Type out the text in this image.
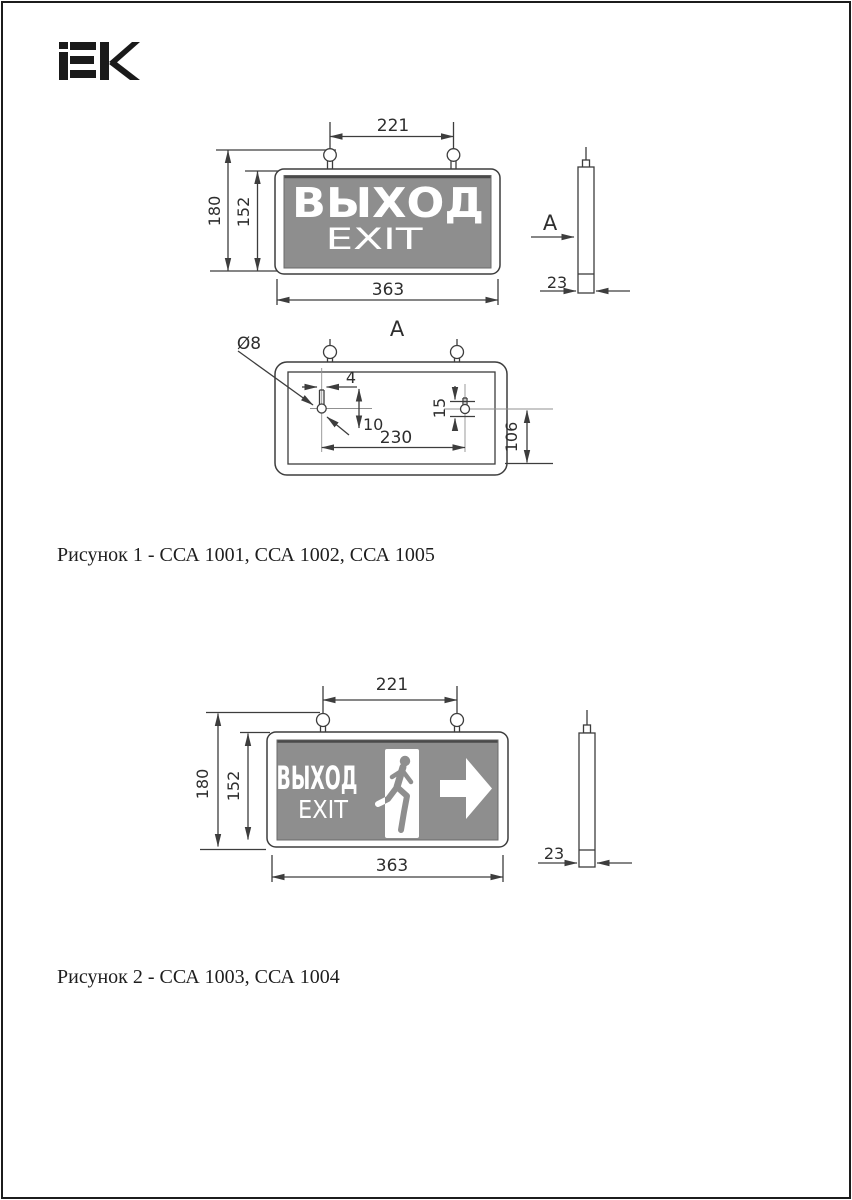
221
180 152
363
ВЫХОД
EXIT	A
23
A
Ø8
4
10
230
15
106
221
180 152
363
ВЫХОД
EXIT
23
Рисунок 1 - ССА 1001, ССА 1002, ССА 1005
Рисунок 2 - ССА 1003, ССА 1004
